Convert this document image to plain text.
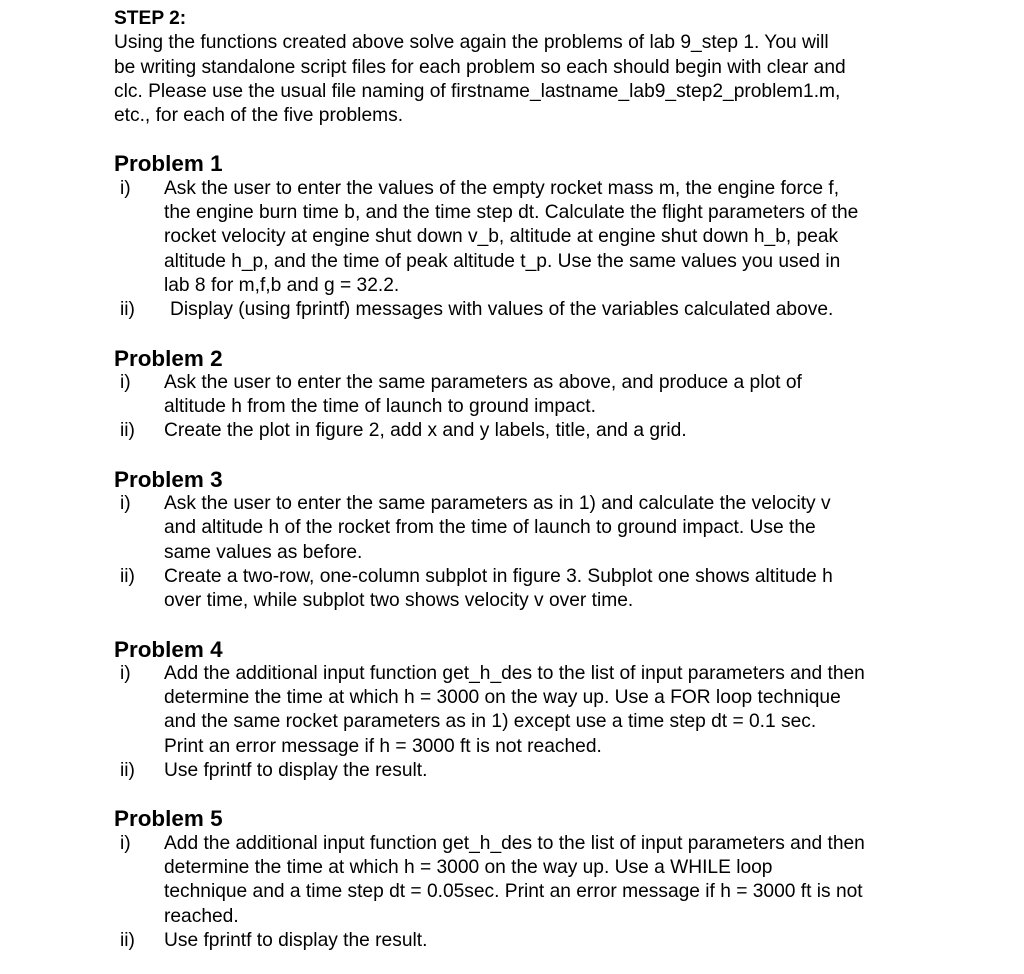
STEP 2:

Using the functions created above solve again the problems of lab 9_step 1. You will
be writing standalone script files for each problem so each should begin with clear and
clc. Please use the usual file naming of firstname_lastname_lab9_step2_problem1.m,
etc., for each of the five problems.

Problem 1
i) Ask the user to enter the values of the empty rocket mass m, the engine force f,
the engine burn time b, and the time step dt. Calculate the flight parameters of the
rocket velocity at engine shut down v_b, altitude at engine shut down h_b, peak
altitude h_p, and the time of peak altitude t_p. Use the same values you used in
lab 8 for m,f,b and g = 32.2.
ii) Display (using fprintf) messages with values of the variables calculated above.
Problem 2
i) Ask the user to enter the same parameters as above, and produce a plot of
altitude h from the time of launch to ground impact.
ii) Create the plot in figure 2, add x and y labels, title, and a grid.
Problem 3
i) Ask the user to enter the same parameters as in 1) and calculate the velocity v
and altitude h of the rocket from the time of launch to ground impact. Use the
same values as before.
ii) Create a two-row, one-column subplot in figure 3. Subplot one shows altitude h
over time, while subplot two shows velocity v over time.
Problem 4
i) Add the additional input function get_h_des to the list of input parameters and then
determine the time at which h = 3000 on the way up. Use a FOR loop technique
and the same rocket parameters as in 1) except use a time step dt = 0.1 sec.
Print an error message if h = 3000 ft is not reached.
ii) Use fprintf to display the result.
Problem 5
i) Add the additional input function get_h_des to the list of input parameters and then
determine the time at which h = 3000 on the way up. Use a WHILE loop
technique and a time step dt = 0.05sec. Print an error message if h = 3000 ft is not
reached.
ii) Use fprintf to display the result.
